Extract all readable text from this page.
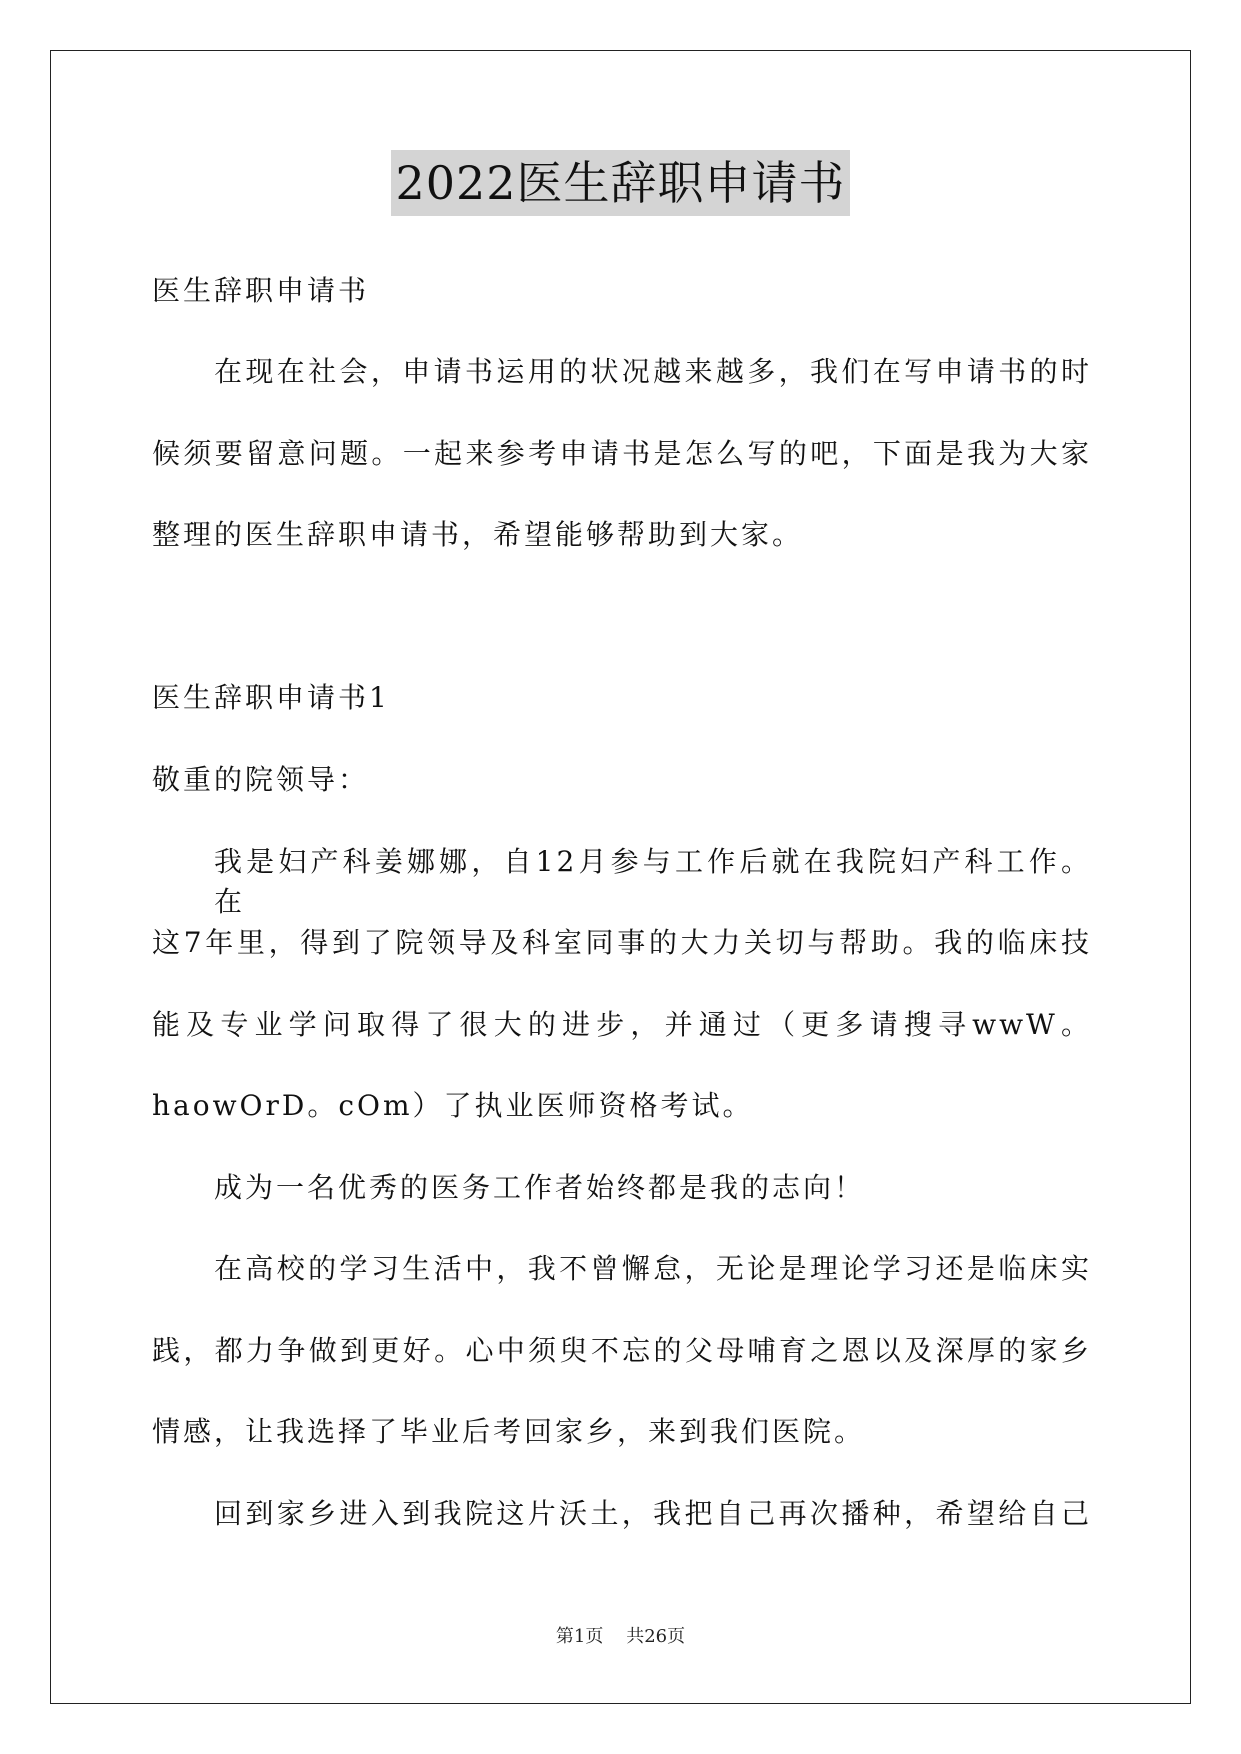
2022医生辞职申请书
医生辞职申请书
在现在社会，申请书运用的状况越来越多，我们在写申请书的时
候须要留意问题。一起来参考申请书是怎么写的吧，下面是我为大家
整理的医生辞职申请书，希望能够帮助到大家。
医生辞职申请书1
敬重的院领导：
我是妇产科姜娜娜，自12月参与工作后就在我院妇产科工作。在
这7年里，得到了院领导及科室同事的大力关切与帮助。我的临床技
能及专业学问取得了很大的进步，并通过（更多请搜寻wwW。
haowOrD。cOm）了执业医师资格考试。
成为一名优秀的医务工作者始终都是我的志向！
在高校的学习生活中，我不曾懈怠，无论是理论学习还是临床实
践，都力争做到更好。心中须臾不忘的父母哺育之恩以及深厚的家乡
情感，让我选择了毕业后考回家乡，来到我们医院。
回到家乡进入到我院这片沃土，我把自己再次播种，希望给自己
第1页 共26页
